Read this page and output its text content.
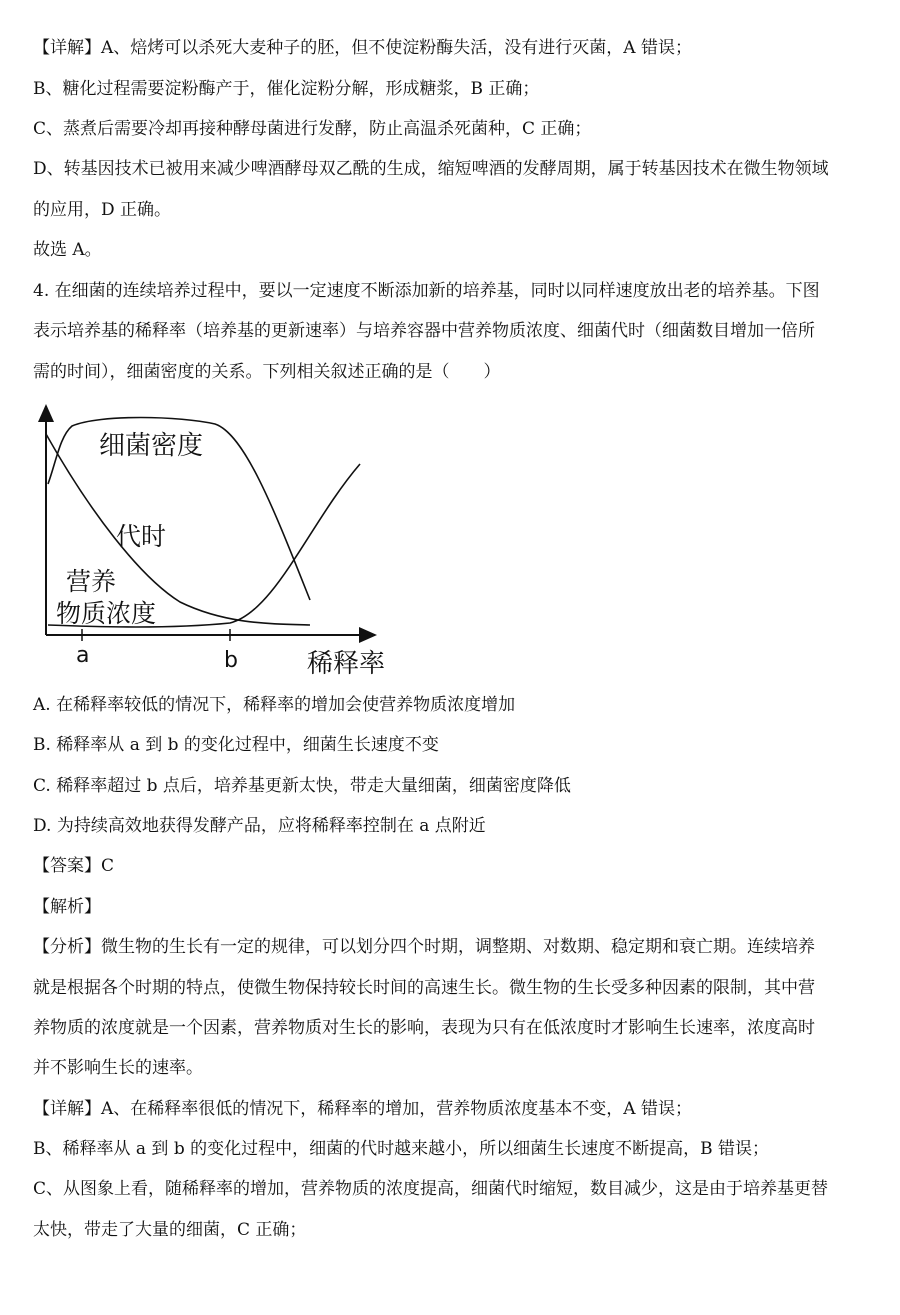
【详解】A、焙烤可以杀死大麦种子的胚，但不使淀粉酶失活，没有进行灭菌，A 错误；
B、糖化过程需要淀粉酶产于，催化淀粉分解，形成糖浆，B 正确；
C、蒸煮后需要冷却再接种酵母菌进行发酵，防止高温杀死菌种，C 正确；
D、转基因技术已被用来减少啤酒酵母双乙酰的生成，缩短啤酒的发酵周期，属于转基因技术在微生物领域
的应用，D 正确。
故选 A。
4. 在细菌的连续培养过程中，要以一定速度不断添加新的培养基，同时以同样速度放出老的培养基。下图
表示培养基的稀释率（培养基的更新速率）与培养容器中营养物质浓度、细菌代时（细菌数目增加一倍所
需的时间），细菌密度的关系。下列相关叙述正确的是（　　）
细菌密度
代时
营养
物质浓度
a	b	稀释率
A. 在稀释率较低的情况下，稀释率的增加会使营养物质浓度增加
B. 稀释率从 a 到 b 的变化过程中，细菌生长速度不变
C. 稀释率超过 b 点后，培养基更新太快，带走大量细菌，细菌密度降低
D. 为持续高效地获得发酵产品，应将稀释率控制在 a 点附近
【答案】C
【解析】
【分析】微生物的生长有一定的规律，可以划分四个时期，调整期、对数期、稳定期和衰亡期。连续培养
就是根据各个时期的特点，使微生物保持较长时间的高速生长。微生物的生长受多种因素的限制，其中营
养物质的浓度就是一个因素，营养物质对生长的影响，表现为只有在低浓度时才影响生长速率，浓度高时
并不影响生长的速率。
【详解】A、在稀释率很低的情况下，稀释率的增加，营养物质浓度基本不变，A 错误；
B、稀释率从 a 到 b 的变化过程中，细菌的代时越来越小，所以细菌生长速度不断提高，B 错误；
C、从图象上看，随稀释率的增加，营养物质的浓度提高，细菌代时缩短，数目减少，这是由于培养基更替
太快，带走了大量的细菌，C 正确；
